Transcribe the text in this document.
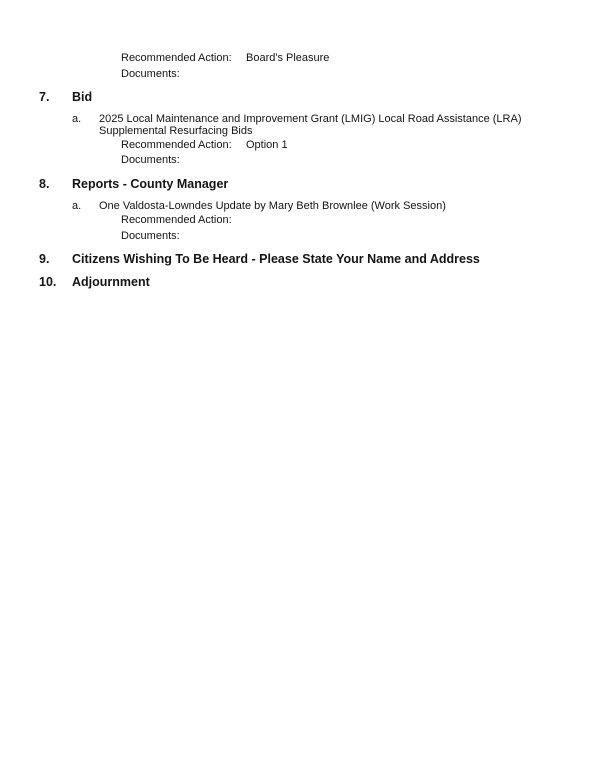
Recommended Action: Board's Pleasure
Documents:
7. Bid
a. 2025 Local Maintenance and Improvement Grant (LMIG) Local Road Assistance (LRA)
Supplemental Resurfacing Bids
Recommended Action: Option 1
Documents:
8. Reports - County Manager
a. One Valdosta-Lowndes Update by Mary Beth Brownlee (Work Session)
Recommended Action:
Documents:
9. Citizens Wishing To Be Heard - Please State Your Name and Address
10. Adjournment
